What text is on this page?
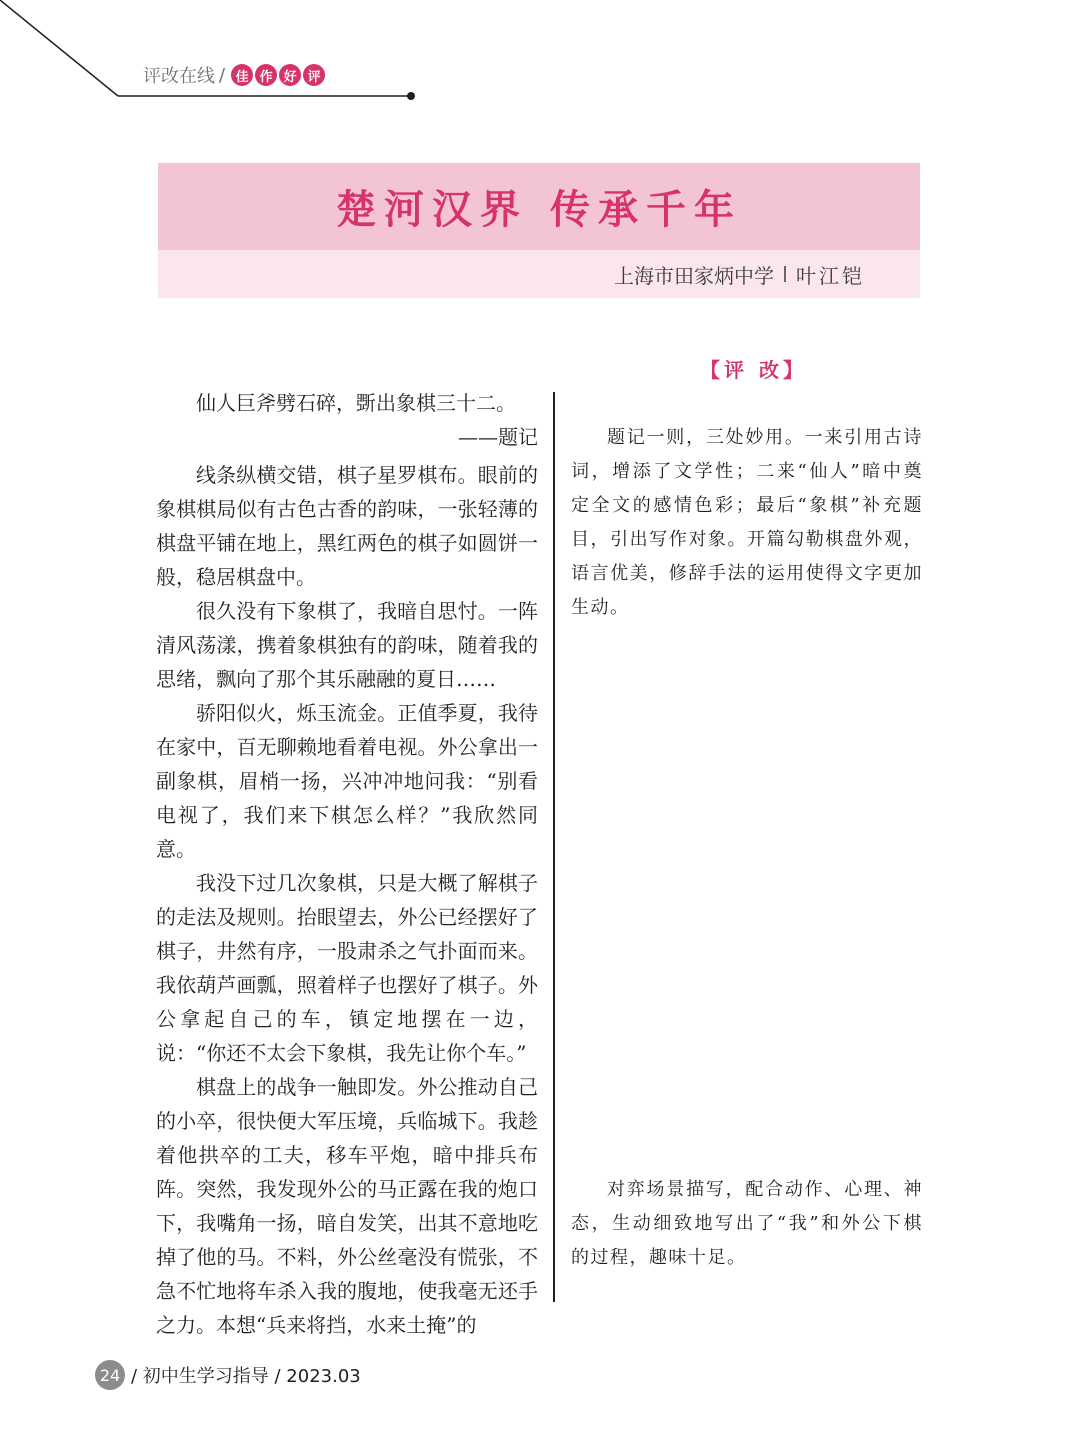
评改在线 / 佳 作 好 评
楚河汉界 传承千年
上海市田家炳中学 叶江铠

仙人巨斧劈石碎，斲出象棋三十二。

——题记

线条纵横交错，棋子星罗棋布。眼前的象棋棋局似有古色古香的韵味，一张轻薄的棋盘平铺在地上，黑红两色的棋子如圆饼一般，稳居棋盘中。

很久没有下象棋了，我暗自思忖。一阵清风荡漾，携着象棋独有的韵味，随着我的思绪，飘向了那个其乐融融的夏日……

骄阳似火，烁玉流金。正值季夏，我待在家中，百无聊赖地看着电视。外公拿出一副象棋，眉梢一扬，兴冲冲地问我：“别看电视了，我们来下棋怎么样？”我欣然同意。

我没下过几次象棋，只是大概了解棋子的走法及规则。抬眼望去，外公已经摆好了棋子，井然有序，一股肃杀之气扑面而来。我依葫芦画瓢，照着样子也摆好了棋子。外公拿起自己的车，镇定地摆在一边，说：“你还不太会下象棋，我先让你个车。”

棋盘上的战争一触即发。外公推动自己的小卒，很快便大军压境，兵临城下。我趁着他拱卒的工夫，移车平炮，暗中排兵布阵。突然，我发现外公的马正露在我的炮口下，我嘴角一扬，暗自发笑，出其不意地吃掉了他的马。不料，外公丝毫没有慌张，不急不忙地将车杀入我的腹地，使我毫无还手之力。本想“兵来将挡，水来土掩”的

【评 改】

题记一则，三处妙用。一来引用古诗词，增添了文学性；二来“仙人”暗中奠定全文的感情色彩；最后“象棋”补充题目，引出写作对象。开篇勾勒棋盘外观，语言优美，修辞手法的运用使得文字更加生动。

对弈场景描写，配合动作、心理、神态，生动细致地写出了“我”和外公下棋的过程，趣味十足。

24 / 初中生学习指导 / 2023.03
